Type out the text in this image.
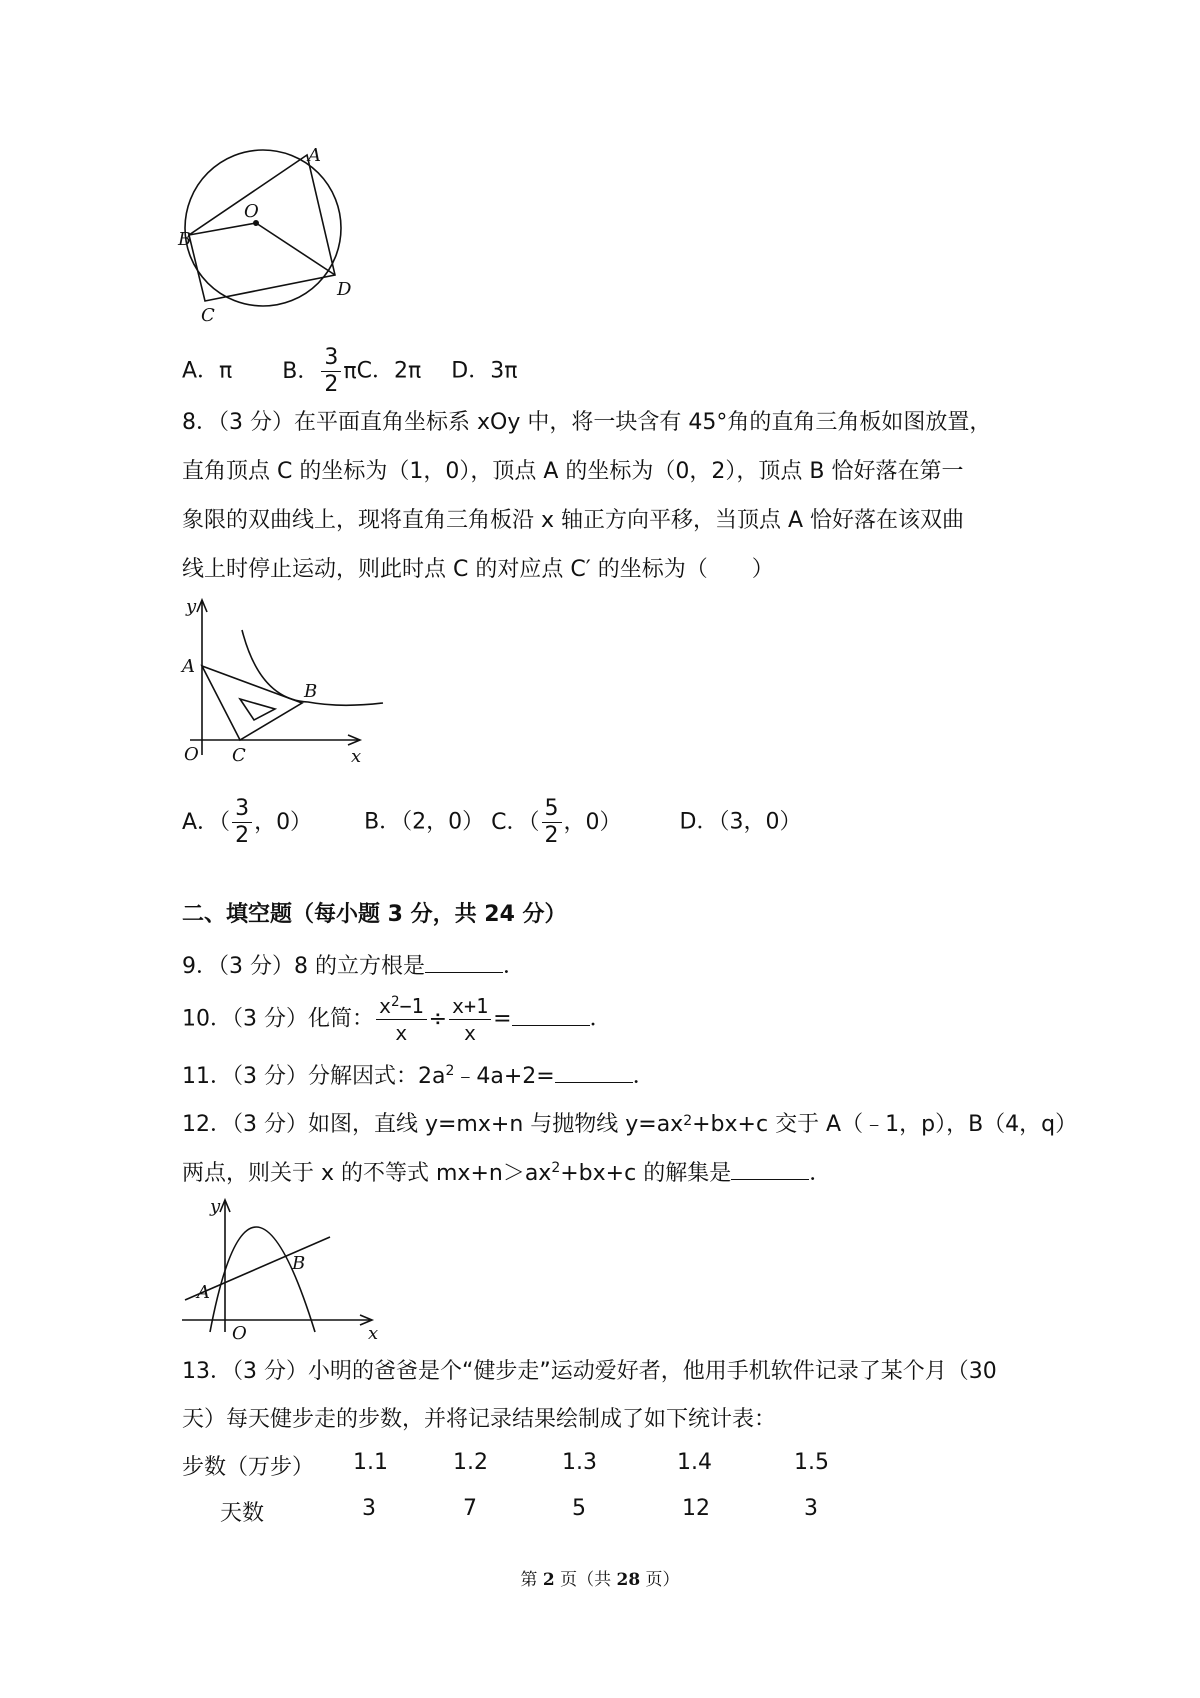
A
B
C
D
O
A．π B． $\frac{3}{2}$ πC．2π D．3π
8．（3 分）在平面直角坐标系 xOy 中，将一块含有 45°角的直角三角板如图放置，
直角顶点 C 的坐标为（1，0），顶点 A 的坐标为（0，2），顶点 B 恰好落在第一
象限的双曲线上，现将直角三角板沿 x 轴正方向平移，当顶点 A 恰好落在该双曲
线上时停止运动，则此时点 C 的对应点 C′ 的坐标为（　　）
y
A
B
O C	x
A．（ $\frac{3}{2}$ ，0） B．（2，0） C．（ $\frac{5}{2}$ ，0）	D．（3，0）
二、填空题（每小题 3 分，共 24 分）
9．（3 分）8 的立方根是	．
10．（3 分）化简： $\frac{x^2-1}{x} \div \frac{x+1}{x}$ =	．
11．（3 分）分解因式：$2a^2﹣4a+2=$	．
12．（3 分）如图，直线 y=mx+n 与抛物线 $y=ax^2+bx+c$ 交于 A（﹣1，p），B（4，q）
两点，则关于 x 的不等式 $mx+n>ax^2+bx+c$ 的解集是	．
y
A
B
O	x
13．（3 分）小明的爸爸是个“健步走”运动爱好者，他用手机软件记录了某个月（30
天）每天健步走的步数，并将记录结果绘制成了如下统计表：
步数（万步） 1.1	1.2	1.3	1.4	1.5
天数	3	7	5	12	3
第 2 页（共 28 页）
